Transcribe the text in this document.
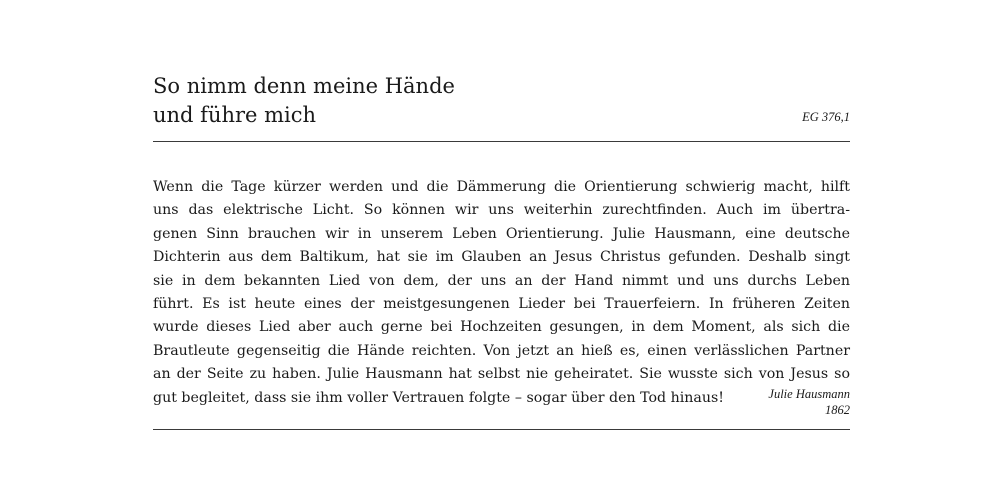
So nimm denn meine Hände
und führe mich	EG 376,1
Wenn die Tage kürzer werden und die Dämmerung die Orientierung schwierig macht, hilft
uns das elektrische Licht. So können wir uns weiterhin zurechtfinden. Auch im übertra-
genen Sinn brauchen wir in unserem Leben Orientierung. Julie Hausmann, eine deutsche
Dichterin aus dem Baltikum, hat sie im Glauben an Jesus Christus gefunden. Deshalb singt
sie in dem bekannten Lied von dem, der uns an der Hand nimmt und uns durchs Leben
führt. Es ist heute eines der meistgesungenen Lieder bei Trauerfeiern. In früheren Zeiten
wurde dieses Lied aber auch gerne bei Hochzeiten gesungen, in dem Moment, als sich die
Brautleute gegenseitig die Hände reichten. Von jetzt an hieß es, einen verlässlichen Partner
an der Seite zu haben. Julie Hausmann hat selbst nie geheiratet. Sie wusste sich von Jesus so
gut begleitet, dass sie ihm voller Vertrauen folgte – sogar über den Tod hinaus!	Julie Hausmann
1862
